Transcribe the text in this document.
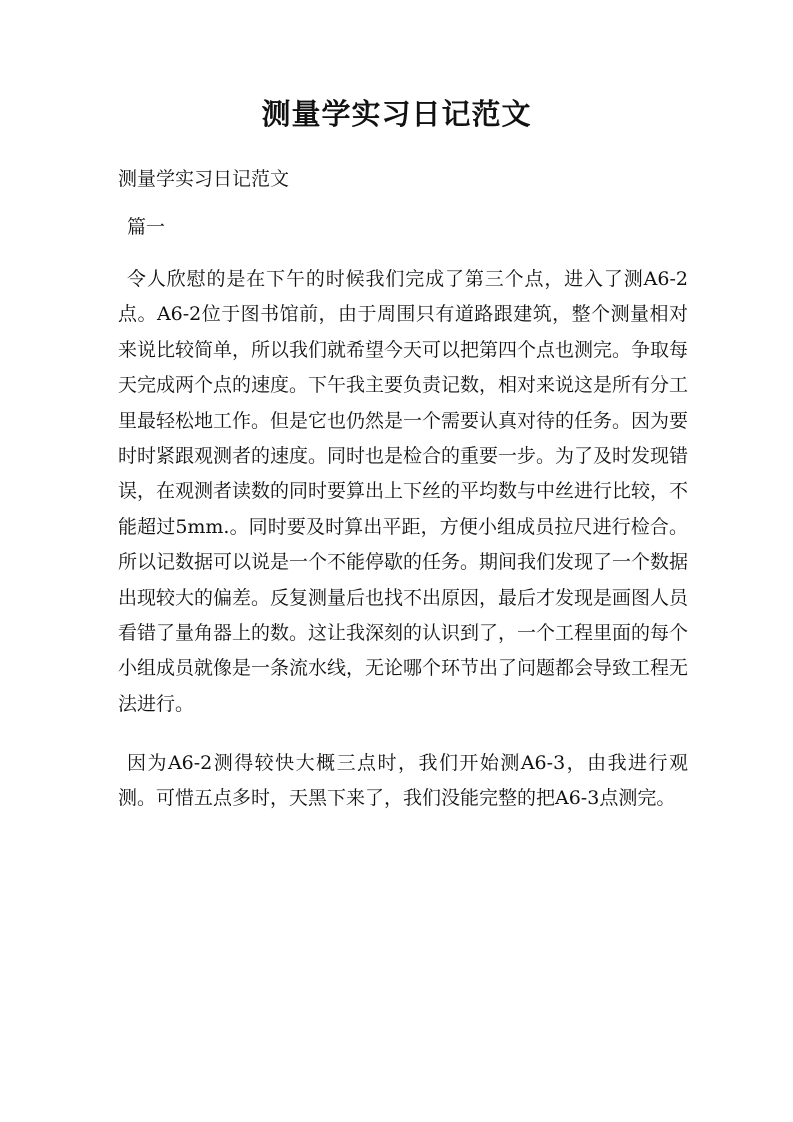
测量学实习日记范文

测量学实习日记范文

篇一

令人欣慰的是在下午的时候我们完成了第三个点，进入了测A6-2点。A6-2位于图书馆前，由于周围只有道路跟建筑，整个测量相对来说比较简单，所以我们就希望今天可以把第四个点也测完。争取每天完成两个点的速度。下午我主要负责记数，相对来说这是所有分工里最轻松地工作。但是它也仍然是一个需要认真对待的任务。因为要时时紧跟观测者的速度。同时也是检合的重要一步。为了及时发现错误，在观测者读数的同时要算出上下丝的平均数与中丝进行比较，不能超过5mm.。同时要及时算出平距，方便小组成员拉尺进行检合。所以记数据可以说是一个不能停歇的任务。期间我们发现了一个数据出现较大的偏差。反复测量后也找不出原因，最后才发现是画图人员看错了量角器上的数。这让我深刻的认识到了，一个工程里面的每个小组成员就像是一条流水线，无论哪个环节出了问题都会导致工程无法进行。

因为A6-2测得较快大概三点时，我们开始测A6-3，由我进行观测。可惜五点多时，天黑下来了，我们没能完整的把A6-3点测完。
